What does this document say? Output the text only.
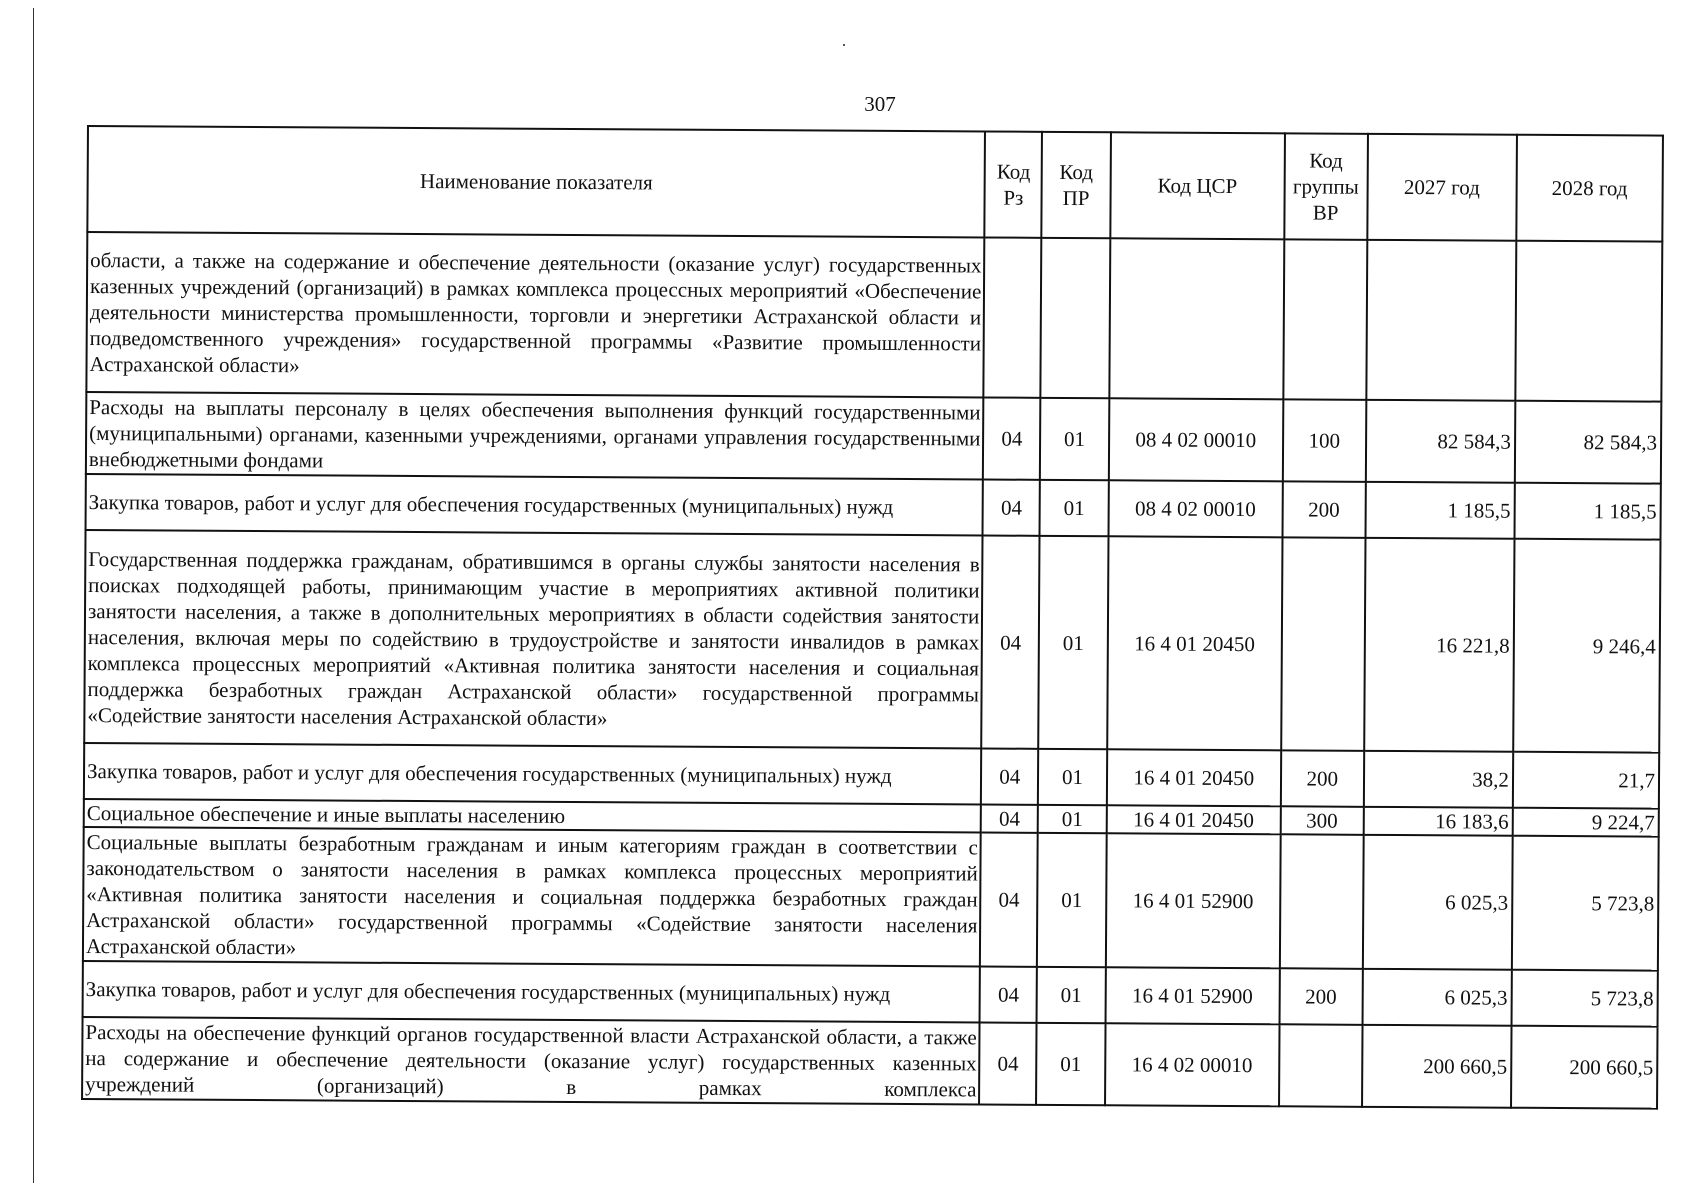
307
Наименование показателя	Код Рз	Код ПР	Код ЦСР	Код группы ВР	2027 год	2028 год
области, а также на содержание и обеспечение деятельности (оказание услуг) государственных казенных учреждений (организаций) в рамках комплекса процессных мероприятий «Обеспечение деятельности министерства промышленности, торговли и энергетики Астраханской области и подведомственного учреждения» государственной программы «Развитие промышленности Астраханской области»						
Расходы на выплаты персоналу в целях обеспечения выполнения функций государственными (муниципальными) органами, казенными учреждениями, органами управления государственными внебюджетными фондами	04	01	08 4 02 00010	100	82 584,3	82 584,3
Закупка товаров, работ и услуг для обеспечения государственных (муниципальных) нужд	04	01	08 4 02 00010	200	1 185,5	1 185,5
Государственная поддержка гражданам, обратившимся в органы службы занятости населения в поисках подходящей работы, принимающим участие в мероприятиях активной политики занятости населения, а также в дополнительных мероприятиях в области содействия занятости населения, включая меры по содействию в трудоустройстве и занятости инвалидов в рамках комплекса процессных мероприятий «Активная политика занятости населения и социальная поддержка безработных граждан Астраханской области» государственной программы «Содействие занятости населения Астраханской области»	04	01	16 4 01 20450		16 221,8	9 246,4
Закупка товаров, работ и услуг для обеспечения государственных (муниципальных) нужд	04	01	16 4 01 20450	200	38,2	21,7
Социальное обеспечение и иные выплаты населению	04	01	16 4 01 20450	300	16 183,6	9 224,7
Социальные выплаты безработным гражданам и иным категориям граждан в соответствии с законодательством о занятости населения в рамках комплекса процессных мероприятий «Активная политика занятости населения и социальная поддержка безработных граждан Астраханской области» государственной программы «Содействие занятости населения Астраханской области»	04	01	16 4 01 52900		6 025,3	5 723,8
Закупка товаров, работ и услуг для обеспечения государственных (муниципальных) нужд	04	01	16 4 01 52900	200	6 025,3	5 723,8
Расходы на обеспечение функций органов государственной власти Астраханской области, а также на содержание и обеспечение деятельности (оказание услуг) государственных казенных учреждений (организаций) в рамках комплекса	04	01	16 4 02 00010		200 660,5	200 660,5
